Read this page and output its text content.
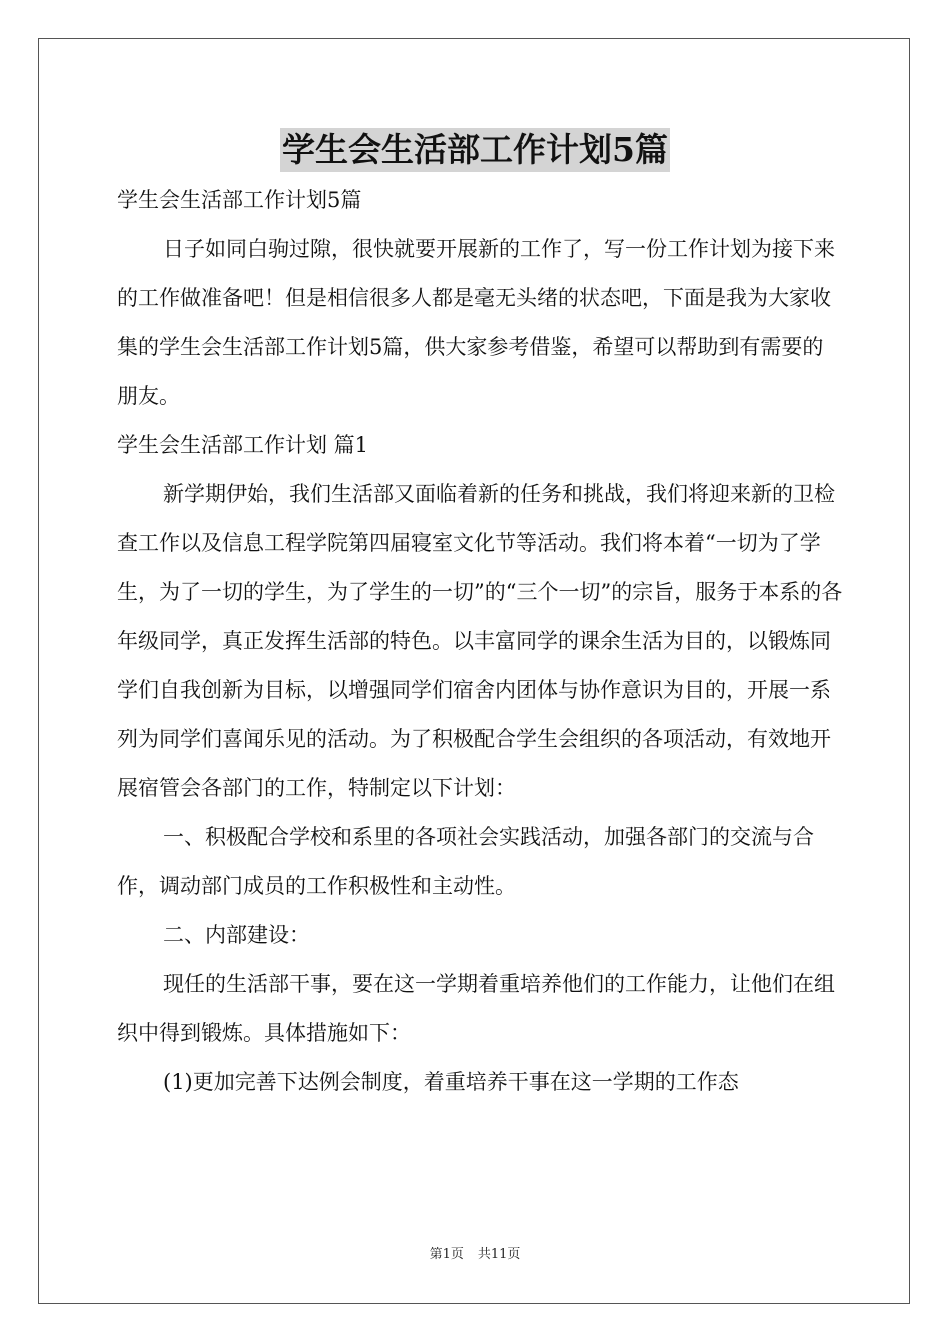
学生会生活部工作计划5篇

学生会生活部工作计划5篇

日子如同白驹过隙，很快就要开展新的工作了，写一份工作计划为接下来的工作做准备吧！但是相信很多人都是毫无头绪的状态吧，下面是我为大家收集的学生会生活部工作计划5篇，供大家参考借鉴，希望可以帮助到有需要的朋友。

学生会生活部工作计划 篇1

新学期伊始，我们生活部又面临着新的任务和挑战，我们将迎来新的卫检查工作以及信息工程学院第四届寝室文化节等活动。我们将本着“一切为了学生，为了一切的学生，为了学生的一切”的“三个一切”的宗旨，服务于本系的各年级同学，真正发挥生活部的特色。以丰富同学的课余生活为目的，以锻炼同学们自我创新为目标，以增强同学们宿舍内团体与协作意识为目的，开展一系列为同学们喜闻乐见的活动。为了积极配合学生会组织的各项活动，有效地开展宿管会各部门的工作，特制定以下计划：

一、积极配合学校和系里的各项社会实践活动，加强各部门的交流与合作，调动部门成员的工作积极性和主动性。

二、内部建设：

现任的生活部干事，要在这一学期着重培养他们的工作能力，让他们在组织中得到锻炼。具体措施如下：

(1)更加完善下达例会制度，着重培养干事在这一学期的工作态

第1页 共11页
